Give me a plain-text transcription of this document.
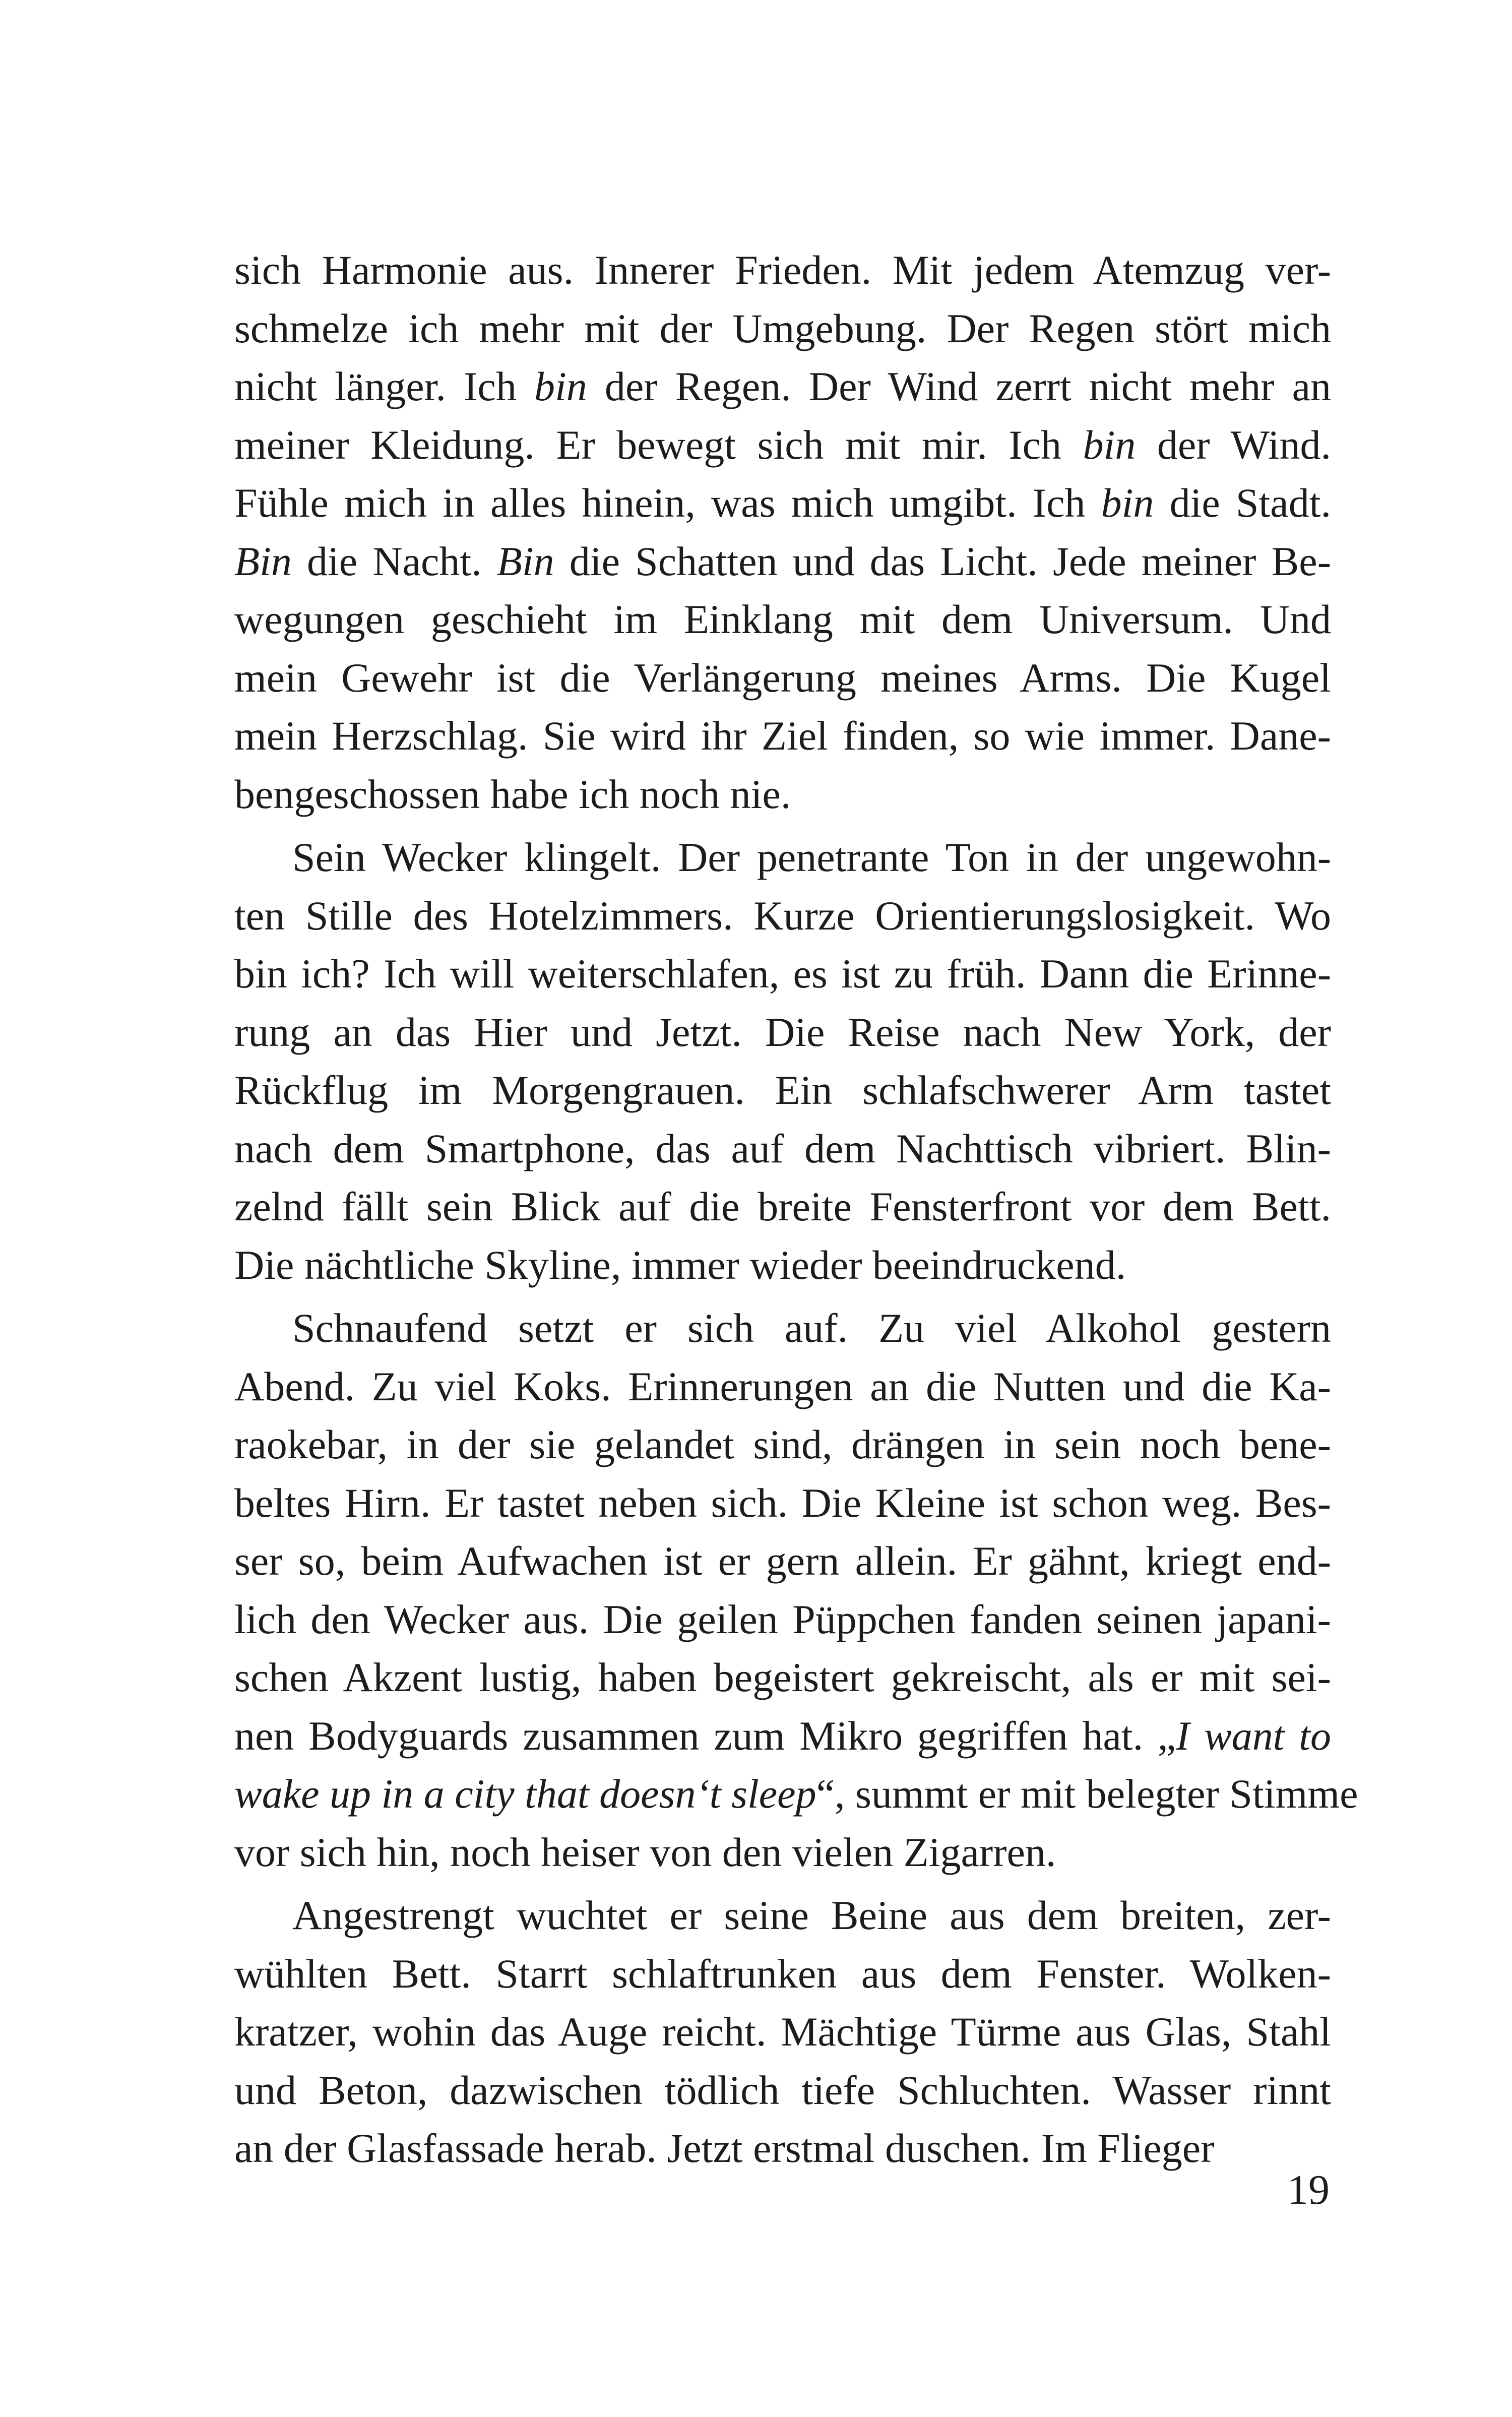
sich Harmonie aus. Innerer Frieden. Mit jedem Atemzug ver-
schmelze ich mehr mit der Umgebung. Der Regen stört mich
nicht länger. Ich bin der Regen. Der Wind zerrt nicht mehr an
meiner Kleidung. Er bewegt sich mit mir. Ich bin der Wind.
Fühle mich in alles hinein, was mich umgibt. Ich bin die Stadt.
Bin die Nacht. Bin die Schatten und das Licht. Jede meiner Be-
wegungen geschieht im Einklang mit dem Universum. Und
mein Gewehr ist die Verlängerung meines Arms. Die Kugel
mein Herzschlag. Sie wird ihr Ziel finden, so wie immer. Dane-
bengeschossen habe ich noch nie.
Sein Wecker klingelt. Der penetrante Ton in der ungewohn-
ten Stille des Hotelzimmers. Kurze Orientierungslosigkeit. Wo
bin ich? Ich will weiterschlafen, es ist zu früh. Dann die Erinne-
rung an das Hier und Jetzt. Die Reise nach New York, der
Rückflug im Morgengrauen. Ein schlafschwerer Arm tastet
nach dem Smartphone, das auf dem Nachttisch vibriert. Blin-
zelnd fällt sein Blick auf die breite Fensterfront vor dem Bett.
Die nächtliche Skyline, immer wieder beeindruckend.
Schnaufend setzt er sich auf. Zu viel Alkohol gestern
Abend. Zu viel Koks. Erinnerungen an die Nutten und die Ka-
raokebar, in der sie gelandet sind, drängen in sein noch bene-
beltes Hirn. Er tastet neben sich. Die Kleine ist schon weg. Bes-
ser so, beim Aufwachen ist er gern allein. Er gähnt, kriegt end-
lich den Wecker aus. Die geilen Püppchen fanden seinen japani-
schen Akzent lustig, haben begeistert gekreischt, als er mit sei-
nen Bodyguards zusammen zum Mikro gegriffen hat. „I want to
wake up in a city that doesn‘t sleep“, summt er mit belegter Stimme
vor sich hin, noch heiser von den vielen Zigarren.
Angestrengt wuchtet er seine Beine aus dem breiten, zer-
wühlten Bett. Starrt schlaftrunken aus dem Fenster. Wolken-
kratzer, wohin das Auge reicht. Mächtige Türme aus Glas, Stahl
und Beton, dazwischen tödlich tiefe Schluchten. Wasser rinnt
an der Glasfassade herab. Jetzt erstmal duschen. Im Flieger
19
